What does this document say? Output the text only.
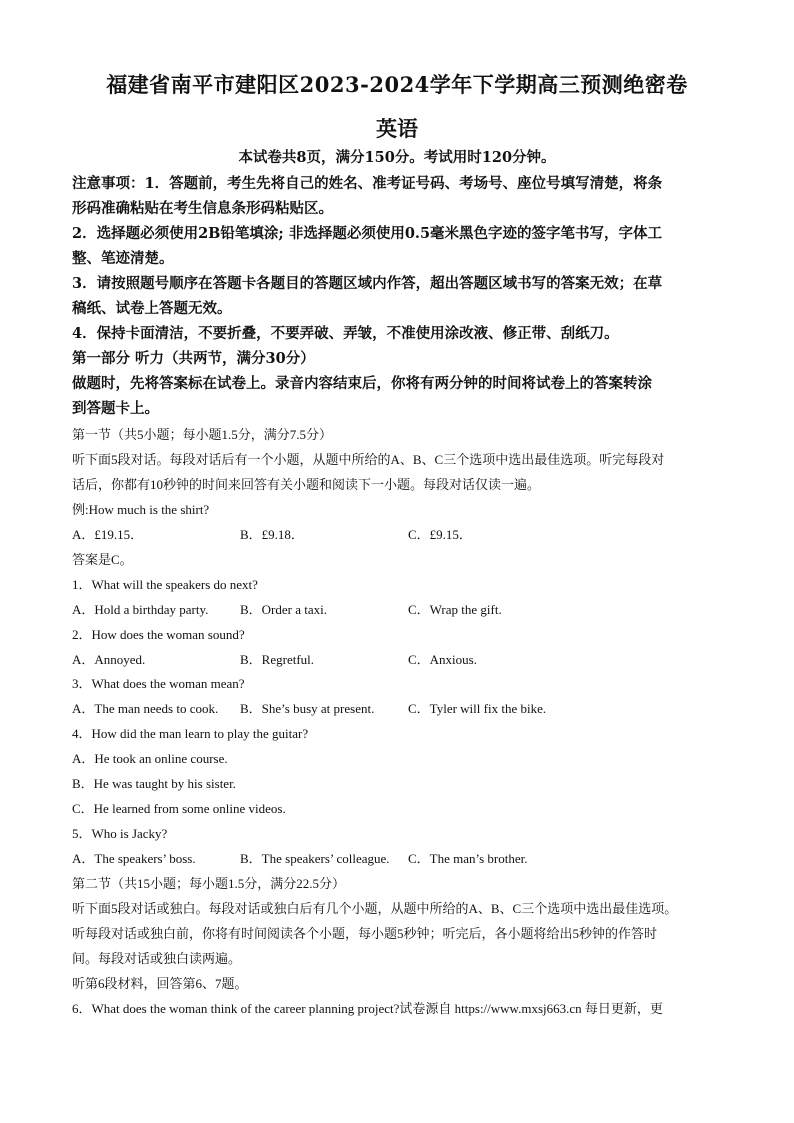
福建省南平市建阳区2023-2024学年下学期高三预测绝密卷
英语
本试卷共8页，满分150分。考试用时120分钟。
注意事项：1．答题前，考生先将自己的姓名、准考证号码、考场号、座位号填写清楚，将条
形码准确粘贴在考生信息条形码粘贴区。
2．选择题必须使用2B铅笔填涂; 非选择题必须使用0.5毫米黑色字迹的签字笔书写，字体工
整、笔迹清楚。
3．请按照题号顺序在答题卡各题目的答题区域内作答，超出答题区域书写的答案无效；在草
稿纸、试卷上答题无效。
4．保持卡面清洁，不要折叠，不要弄破、弄皱，不准使用涂改液、修正带、刮纸刀。
第一部分 听力（共两节，满分30分）
做题时，先将答案标在试卷上。录音内容结束后，你将有两分钟的时间将试卷上的答案转涂
到答题卡上。
第一节（共5小题；每小题1.5分，满分7.5分）
听下面5段对话。每段对话后有一个小题，从题中所给的A、B、C三个选项中选出最佳选项。听完每段对
话后，你都有10秒钟的时间来回答有关小题和阅读下一小题。每段对话仅读一遍。
例:How much is the shirt?
A．£19.15．	B．£9.18．	C．£9.15．
答案是C。
1．What will the speakers do next?
A．Hold a birthday party. B．Order a taxi.	C．Wrap the gift.
2．How does the woman sound?
A．Annoyed.	B．Regretful.	C．Anxious.
3．What does the woman mean?
A．The man needs to cook. B．She’s busy at present.	C．Tyler will fix the bike.
4．How did the man learn to play the guitar?
A．He took an online course.
B．He was taught by his sister.
C．He learned from some online videos.
5．Who is Jacky?
A．The speakers’ boss.	B．The speakers’ colleague. C．The man’s brother.
第二节（共15小题；每小题1.5分，满分22.5分）
听下面5段对话或独白。每段对话或独白后有几个小题，从题中所给的A、B、C三个选项中选出最佳选项。
听每段对话或独白前，你将有时间阅读各个小题，每小题5秒钟；听完后，各小题将给出5秒钟的作答时
间。每段对话或独白读两遍。
听第6段材料，回答第6、7题。
6．What does the woman think of the career planning project?试卷源自 https://www.mxsj663.cn 每日更新，更
